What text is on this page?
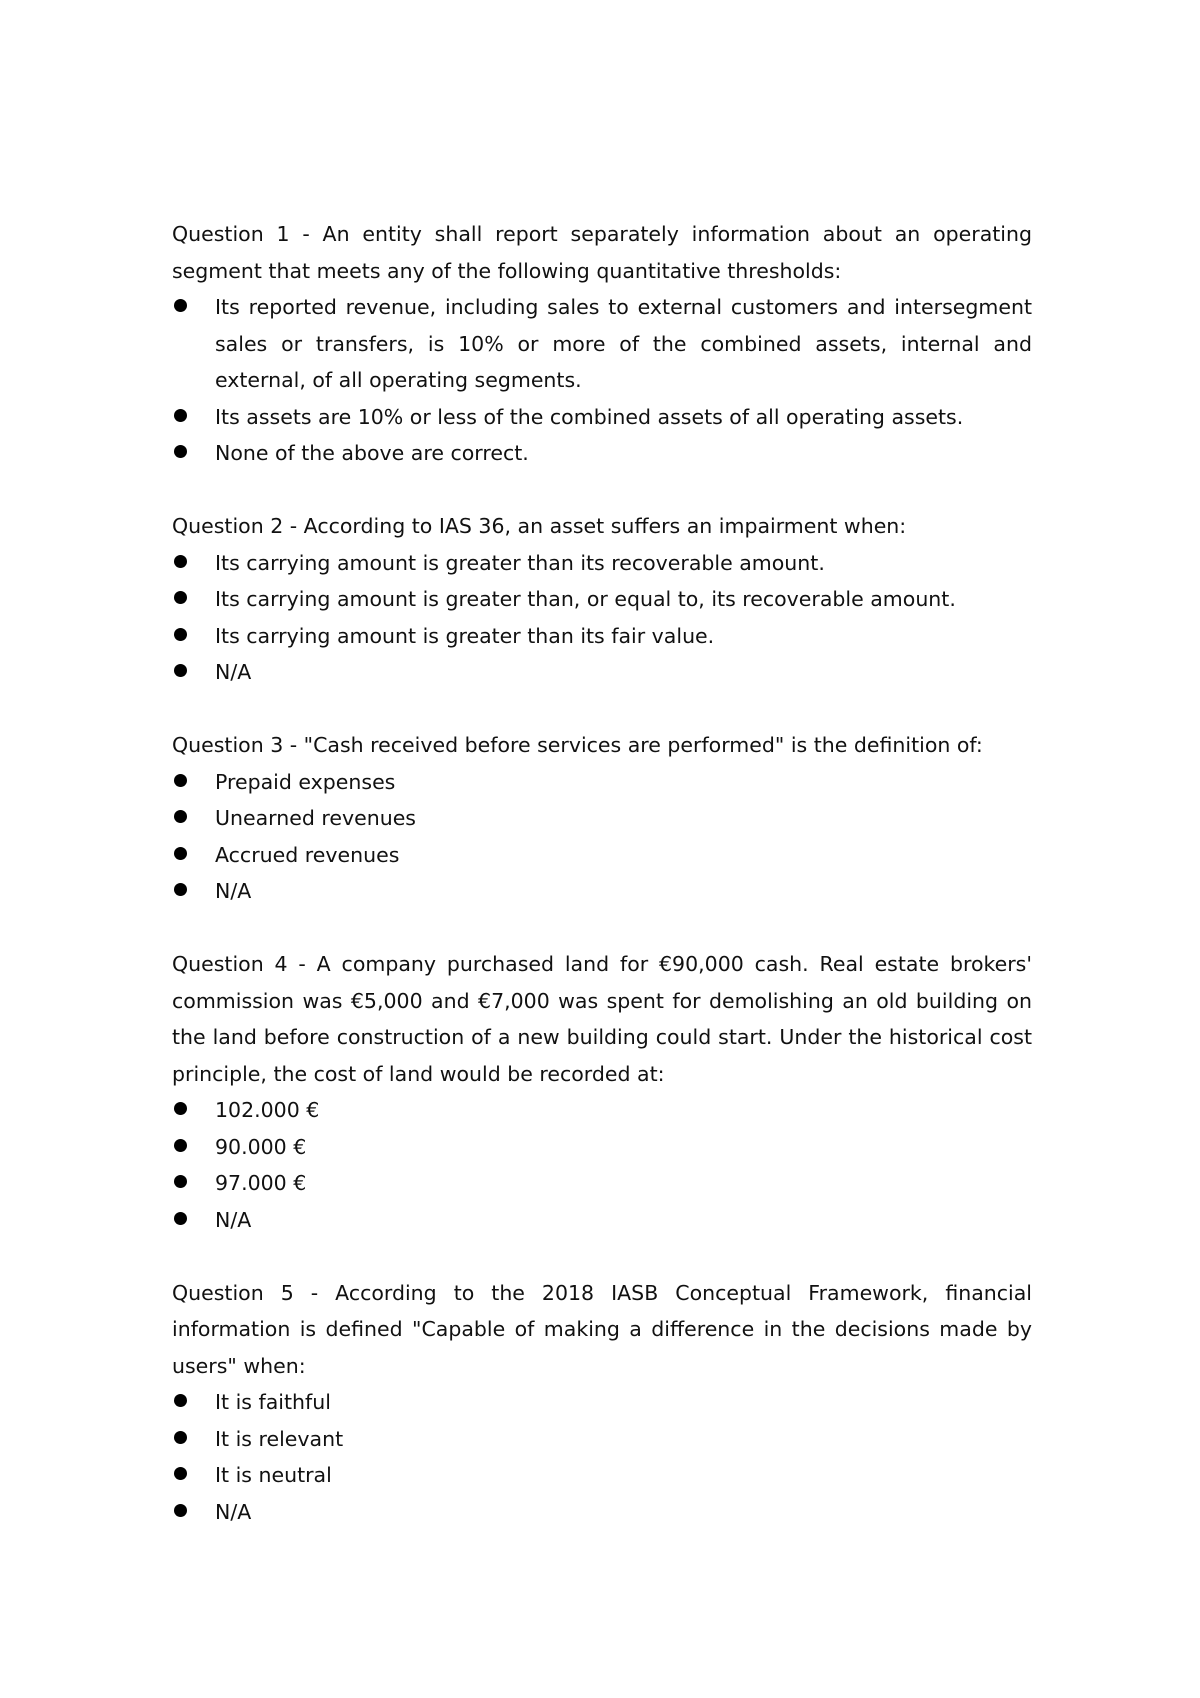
Question 1 - An entity shall report separately information about an operating segment that meets any of the following quantitative thresholds:

Its reported revenue, including sales to external customers and intersegment sales or transfers, is 10% or more of the combined assets, internal and external, of all operating segments.
Its assets are 10% or less of the combined assets of all operating assets.
None of the above are correct.

Question 2 - According to IAS 36, an asset suffers an impairment when:

Its carrying amount is greater than its recoverable amount.
Its carrying amount is greater than, or equal to, its recoverable amount.
Its carrying amount is greater than its fair value.
N/A

Question 3 - "Cash received before services are performed" is the definition of:

Prepaid expenses
Unearned revenues
Accrued revenues
N/A

Question 4 - A company purchased land for €90,000 cash. Real estate brokers' commission was €5,000 and €7,000 was spent for demolishing an old building on the land before construction of a new building could start. Under the historical cost principle, the cost of land would be recorded at:

102.000 €
90.000 €
97.000 €
N/A

Question 5 - According to the 2018 IASB Conceptual Framework, financial information is defined "Capable of making a difference in the decisions made by users" when:

It is faithful
It is relevant
It is neutral
N/A
